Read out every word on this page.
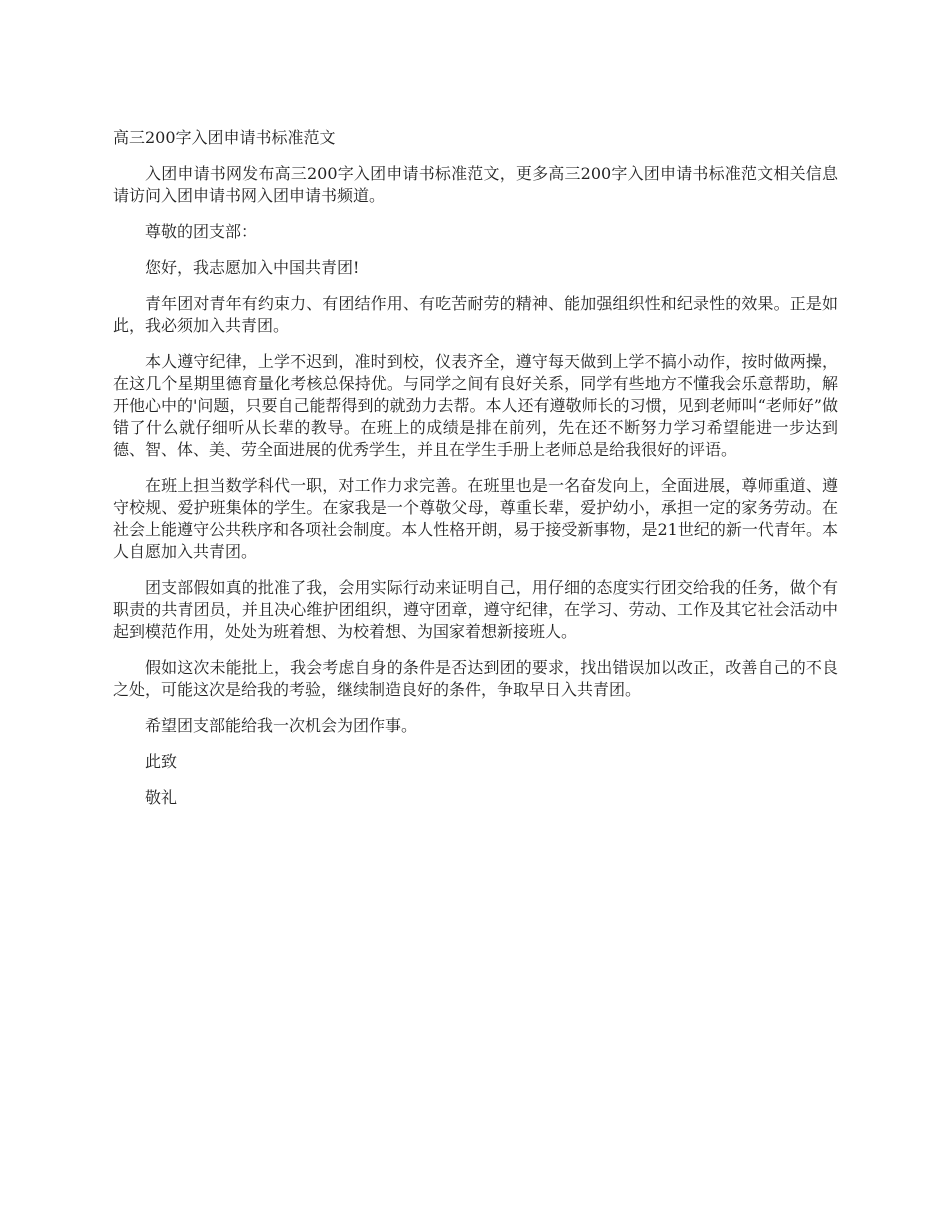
高三200字入团申请书标准范文

入团申请书网发布高三200字入团申请书标准范文，更多高三200字入团申请书标准范文相关信息请访问入团申请书网入团申请书频道。

尊敬的团支部：

您好，我志愿加入中国共青团!

青年团对青年有约束力、有团结作用、有吃苦耐劳的精神、能加强组织性和纪录性的效果。正是如此，我必须加入共青团。

本人遵守纪律，上学不迟到，准时到校，仪表齐全，遵守每天做到上学不搞小动作，按时做两操，在这几个星期里德育量化考核总保持优。与同学之间有良好关系，同学有些地方不懂我会乐意帮助，解开他心中的'问题，只要自己能帮得到的就劲力去帮。本人还有遵敬师长的习惯，见到老师叫“老师好”做错了什么就仔细听从长辈的教导。在班上的成绩是排在前列，先在还不断努力学习希望能进一步达到德、智、体、美、劳全面进展的优秀学生，并且在学生手册上老师总是给我很好的评语。

在班上担当数学科代一职，对工作力求完善。在班里也是一名奋发向上，全面进展，尊师重道、遵守校规、爱护班集体的学生。在家我是一个尊敬父母，尊重长辈，爱护幼小，承担一定的家务劳动。在社会上能遵守公共秩序和各项社会制度。本人性格开朗，易于接受新事物，是21世纪的新一代青年。本人自愿加入共青团。

团支部假如真的批准了我，会用实际行动来证明自己，用仔细的态度实行团交给我的任务，做个有职责的共青团员，并且决心维护团组织，遵守团章，遵守纪律，在学习、劳动、工作及其它社会活动中起到模范作用，处处为班着想、为校着想、为国家着想新接班人。

假如这次未能批上，我会考虑自身的条件是否达到团的要求，找出错误加以改正，改善自己的不良之处，可能这次是给我的考验，继续制造良好的条件，争取早日入共青团。

希望团支部能给我一次机会为团作事。

此致

敬礼
